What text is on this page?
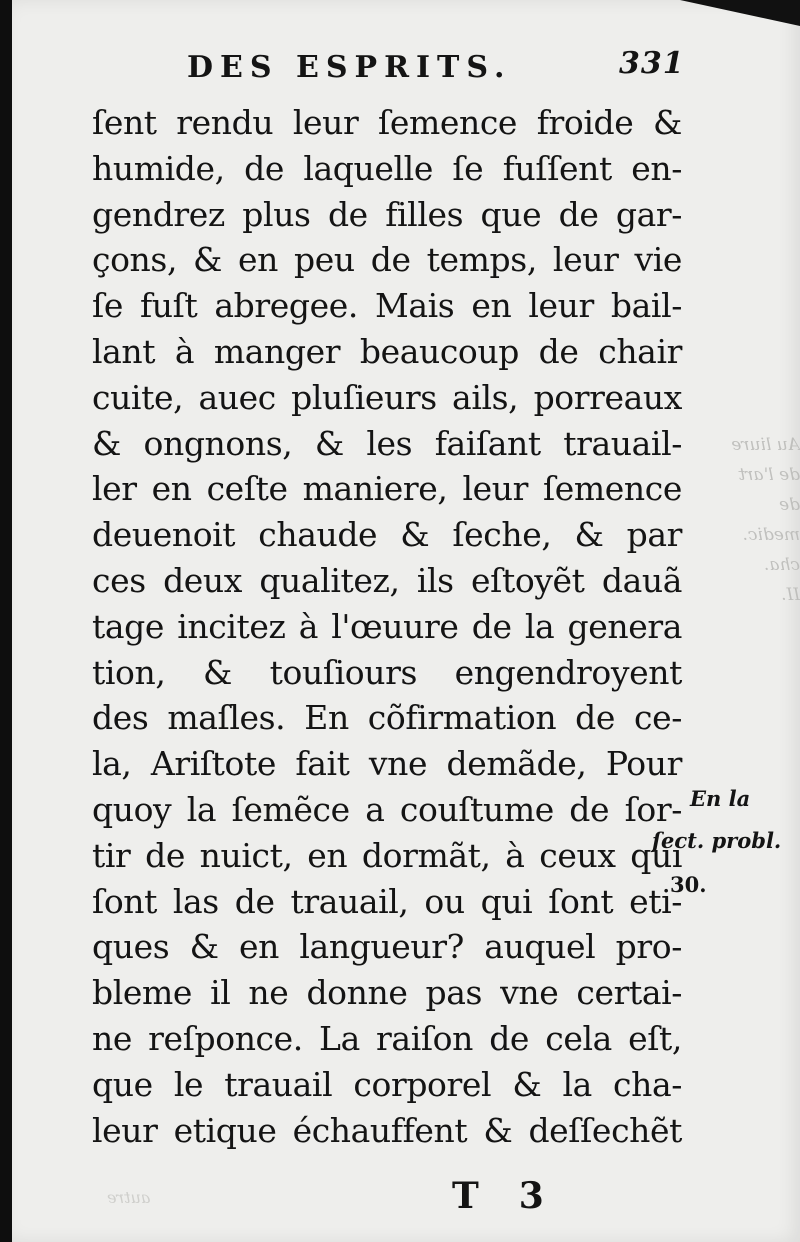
DES ESPRITS.	331
Au liure
de l'art de
medic. cha.
II.
autre
ſent rendu leur ſemence froide &
humide, de laquelle ſe fuſſent en-
gendrez plus de filles que de gar-
çons, & en peu de temps, leur vie
ſe fuſt abregee. Mais en leur bail-
lant à manger beaucoup de chair
cuite, auec pluſieurs ails, porreaux
& ongnons, & les faiſant trauail-
ler en ceſte maniere, leur ſemence
deuenoit chaude & ſeche, & par
ces deux qualitez, ils eſtoyẽt dauã
tage incitez à l'œuure de la genera
tion, & touſiours engendroyent
des maſles. En cõfirmation de ce-
la, Ariſtote fait vne demãde, Pour
quoy la ſemẽce a couſtume de ſor-
tir de nuict, en dormãt, à ceux qui
ſont las de trauail, ou qui ſont eti-
ques & en langueur? auquel pro-
bleme il ne donne pas vne certai-
ne reſponce. La raiſon de cela eſt,
que le trauail corporel & la cha-
leur etique échauffent & deſſechẽt
En la
ſect. probl.
30.
T3
